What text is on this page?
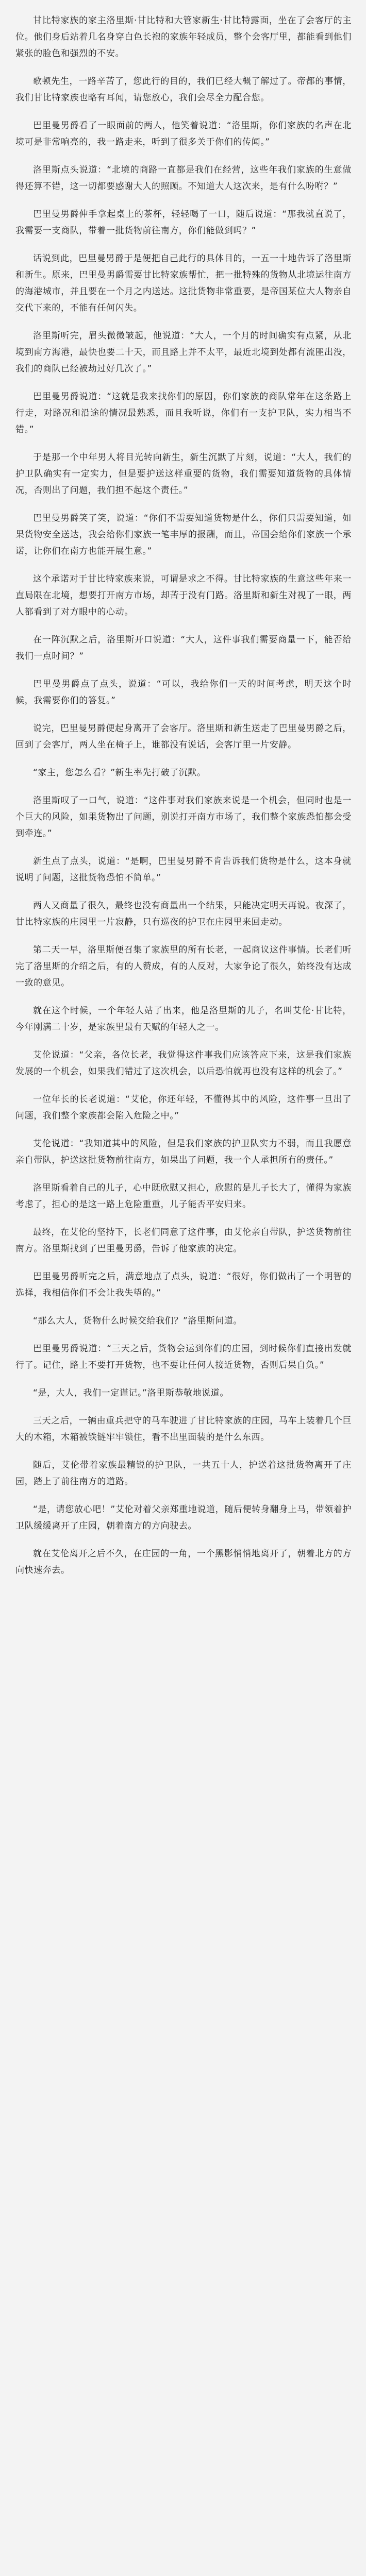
甘比特家族的家主洛里斯·甘比特和大管家新生·甘比特露面，坐在了会客厅的主位。他们身后站着几名身穿白色长袍的家族年轻成员，整个会客厅里，都能看到他们紧张的脸色和强烈的不安。

歌顿先生，一路辛苦了，您此行的目的，我们已经大概了解过了。帝都的事情，我们甘比特家族也略有耳闻，请您放心，我们会尽全力配合您。

巴里曼男爵看了一眼面前的两人，他笑着说道：“洛里斯，你们家族的名声在北境可是非常响亮的，我一路走来，听到了很多关于你们的传闻。”

洛里斯点头说道：“北境的商路一直都是我们在经营，这些年我们家族的生意做得还算不错，这一切都要感谢大人的照顾。不知道大人这次来，是有什么吩咐？”

巴里曼男爵伸手拿起桌上的茶杯，轻轻喝了一口，随后说道：“那我就直说了，我需要一支商队，带着一批货物前往南方，你们能做到吗？”

话说到此，巴里曼男爵于是便把自己此行的具体目的，一五一十地告诉了洛里斯和新生。原来，巴里曼男爵需要甘比特家族帮忙，把一批特殊的货物从北境运往南方的海港城市，并且要在一个月之内送达。这批货物非常重要，是帝国某位大人物亲自交代下来的，不能有任何闪失。

洛里斯听完，眉头微微皱起，他说道：“大人，一个月的时间确实有点紧，从北境到南方海港，最快也要二十天，而且路上并不太平，最近北境到处都有流匪出没，我们的商队已经被劫过好几次了。”

巴里曼男爵说道：“这就是我来找你们的原因，你们家族的商队常年在这条路上行走，对路况和沿途的情况最熟悉，而且我听说，你们有一支护卫队，实力相当不错。”

于是那一个中年男人将目光转向新生，新生沉默了片刻，说道：“大人，我们的护卫队确实有一定实力，但是要护送这样重要的货物，我们需要知道货物的具体情况，否则出了问题，我们担不起这个责任。”

巴里曼男爵笑了笑，说道：“你们不需要知道货物是什么，你们只需要知道，如果货物安全送达，我会给你们家族一笔丰厚的报酬，而且，帝国会给你们家族一个承诺，让你们在南方也能开展生意。”

这个承诺对于甘比特家族来说，可谓是求之不得。甘比特家族的生意这些年来一直局限在北境，想要打开南方市场，却苦于没有门路。洛里斯和新生对视了一眼，两人都看到了对方眼中的心动。

在一阵沉默之后，洛里斯开口说道：“大人，这件事我们需要商量一下，能否给我们一点时间？”

巴里曼男爵点了点头，说道：“可以，我给你们一天的时间考虑，明天这个时候，我需要你们的答复。”

说完，巴里曼男爵便起身离开了会客厅。洛里斯和新生送走了巴里曼男爵之后，回到了会客厅，两人坐在椅子上，谁都没有说话，会客厅里一片安静。

“家主，您怎么看？”新生率先打破了沉默。

洛里斯叹了一口气，说道：“这件事对我们家族来说是一个机会，但同时也是一个巨大的风险，如果货物出了问题，别说打开南方市场了，我们整个家族恐怕都会受到牵连。”

新生点了点头，说道：“是啊，巴里曼男爵不肯告诉我们货物是什么，这本身就说明了问题，这批货物恐怕不简单。”

两人又商量了很久，最终也没有商量出一个结果，只能决定明天再说。夜深了，甘比特家族的庄园里一片寂静，只有巡夜的护卫在庄园里来回走动。

第二天一早，洛里斯便召集了家族里的所有长老，一起商议这件事情。长老们听完了洛里斯的介绍之后，有的人赞成，有的人反对，大家争论了很久，始终没有达成一致的意见。

就在这个时候，一个年轻人站了出来，他是洛里斯的儿子，名叫艾伦·甘比特，今年刚满二十岁，是家族里最有天赋的年轻人之一。

艾伦说道：“父亲，各位长老，我觉得这件事我们应该答应下来，这是我们家族发展的一个机会，如果我们错过了这次机会，以后恐怕就再也没有这样的机会了。”

一位年长的长老说道：“艾伦，你还年轻，不懂得其中的风险，这件事一旦出了问题，我们整个家族都会陷入危险之中。”

艾伦说道：“我知道其中的风险，但是我们家族的护卫队实力不弱，而且我愿意亲自带队，护送这批货物前往南方，如果出了问题，我一个人承担所有的责任。”

洛里斯看着自己的儿子，心中既欣慰又担心，欣慰的是儿子长大了，懂得为家族考虑了，担心的是这一路上危险重重，儿子能否平安归来。

最终，在艾伦的坚持下，长老们同意了这件事，由艾伦亲自带队，护送货物前往南方。洛里斯找到了巴里曼男爵，告诉了他家族的决定。

巴里曼男爵听完之后，满意地点了点头，说道：“很好，你们做出了一个明智的选择，我相信你们不会让我失望的。”

“那么大人，货物什么时候交给我们？”洛里斯问道。

巴里曼男爵说道：“三天之后，货物会运到你们的庄园，到时候你们直接出发就行了。记住，路上不要打开货物，也不要让任何人接近货物，否则后果自负。”

“是，大人，我们一定谨记。”洛里斯恭敬地说道。

三天之后，一辆由重兵把守的马车驶进了甘比特家族的庄园，马车上装着几个巨大的木箱，木箱被铁链牢牢锁住，看不出里面装的是什么东西。

随后，艾伦带着家族最精锐的护卫队，一共五十人，护送着这批货物离开了庄园，踏上了前往南方的道路。

“是，请您放心吧！”艾伦对着父亲郑重地说道，随后便转身翻身上马，带领着护卫队缓缓离开了庄园，朝着南方的方向驶去。

就在艾伦离开之后不久，在庄园的一角，一个黑影悄悄地离开了，朝着北方的方向快速奔去。
